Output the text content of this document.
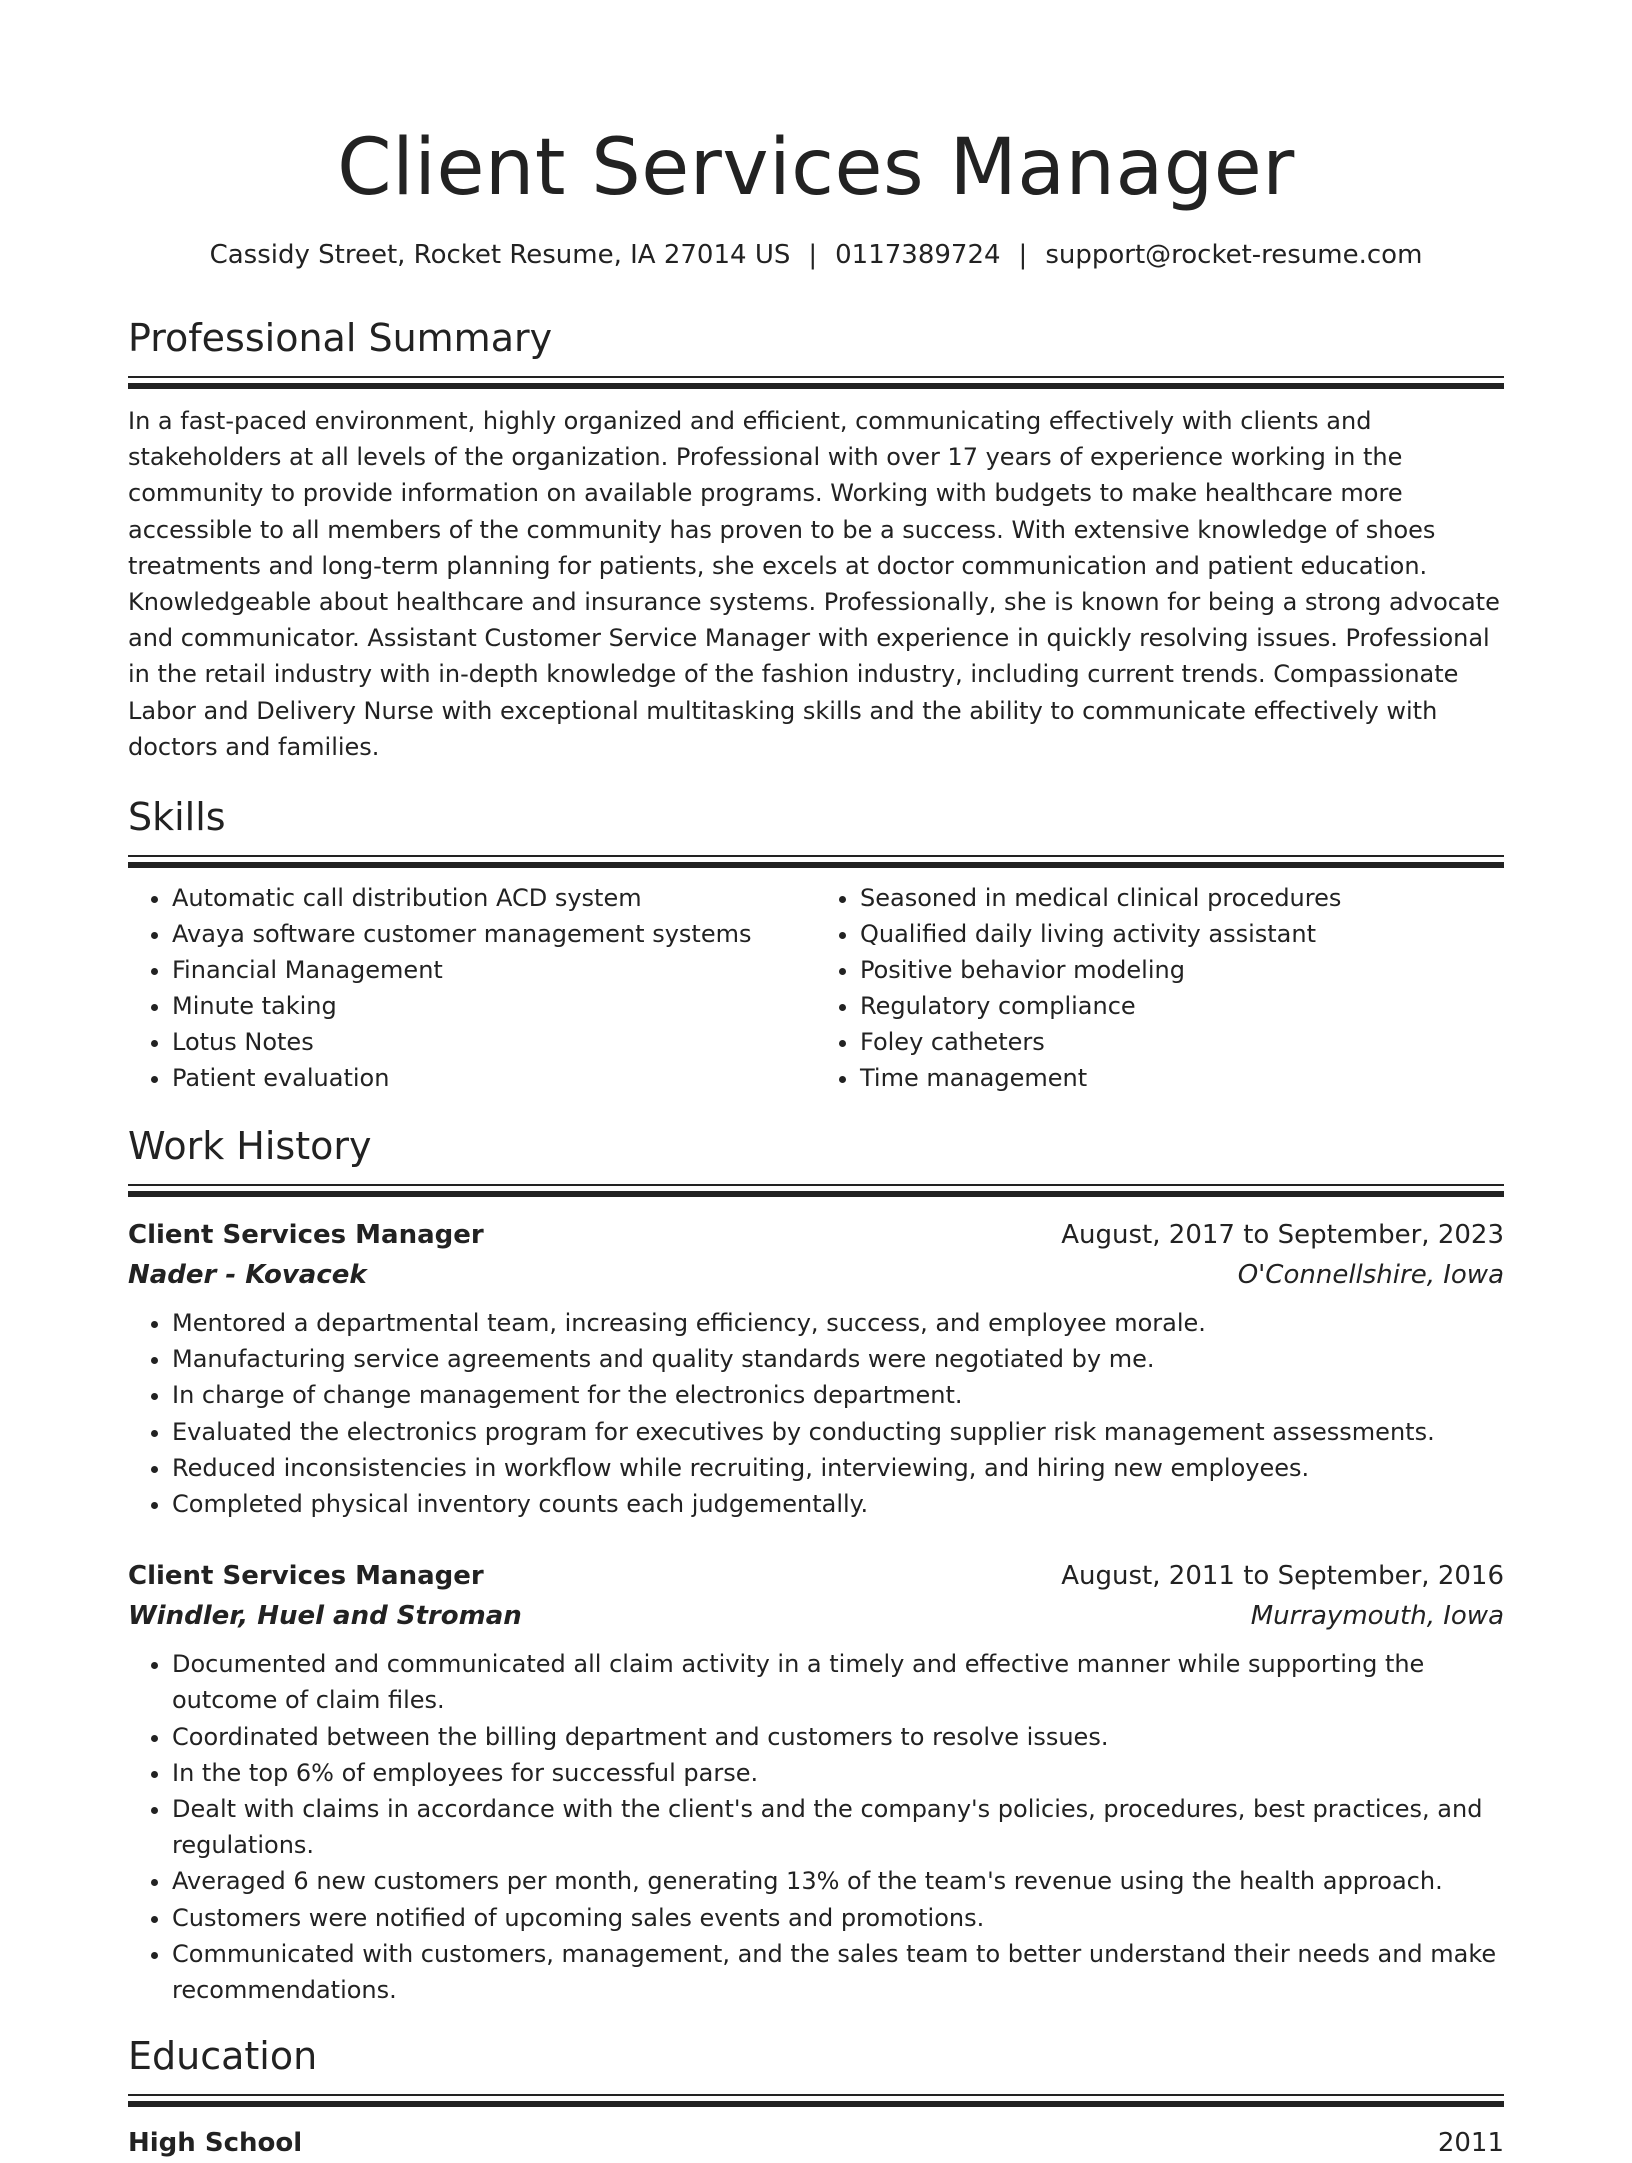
Client Services Manager
Cassidy Street, Rocket Resume, IA 27014 US | 0117389724 | support@rocket-resume.com
Professional Summary

In a fast-paced environment, highly organized and efficient, communicating effectively with clients and stakeholders at all levels of the organization. Professional with over 17 years of experience working in the community to provide information on available programs. Working with budgets to make healthcare more accessible to all members of the community has proven to be a success. With extensive knowledge of shoes treatments and long-term planning for patients, she excels at doctor communication and patient education. Knowledgeable about healthcare and insurance systems. Professionally, she is known for being a strong advocate and communicator. Assistant Customer Service Manager with experience in quickly resolving issues. Professional in the retail industry with in-depth knowledge of the fashion industry, including current trends. Compassionate Labor and Delivery Nurse with exceptional multitasking skills and the ability to communicate effectively with doctors and families.

Skills
• Automatic call distribution ACD system
• Avaya software customer management systems
• Financial Management
• Minute taking
• Lotus Notes
• Patient evaluation
• Seasoned in medical clinical procedures
• Qualified daily living activity assistant
• Positive behavior modeling
• Regulatory compliance
• Foley catheters
• Time management
Work History
Client Services Manager	August, 2017 to September, 2023
Nader - Kovacek	O'Connellshire, Iowa
• Mentored a departmental team, increasing efficiency, success, and employee morale.
• Manufacturing service agreements and quality standards were negotiated by me.
• In charge of change management for the electronics department.
• Evaluated the electronics program for executives by conducting supplier risk management assessments.
• Reduced inconsistencies in workflow while recruiting, interviewing, and hiring new employees.
• Completed physical inventory counts each judgementally.
Client Services Manager	August, 2011 to September, 2016
Windler, Huel and Stroman	Murraymouth, Iowa
• Documented and communicated all claim activity in a timely and effective manner while supporting the outcome of claim files.
• Coordinated between the billing department and customers to resolve issues.
• In the top 6% of employees for successful parse.
• Dealt with claims in accordance with the client's and the company's policies, procedures, best practices, and regulations.
• Averaged 6 new customers per month, generating 13% of the team's revenue using the health approach.
• Customers were notified of upcoming sales events and promotions.
• Communicated with customers, management, and the sales team to better understand their needs and make recommendations.
Education
High School	2011
